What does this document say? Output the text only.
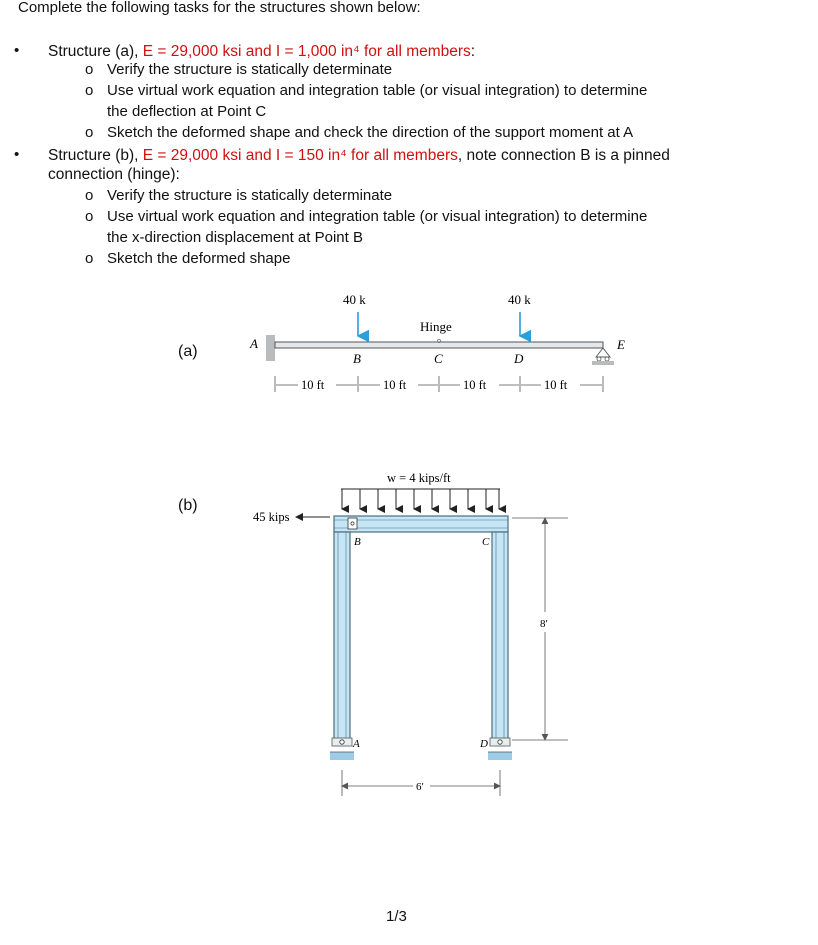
Complete the following tasks for the structures shown below:
• Structure (a), E = 29,000 ksi and I = 1,000 in⁴ for all members:
o Verify the structure is statically determinate
o Use virtual work equation and integration table (or visual integration) to determine
the deflection at Point C
o Sketch the deformed shape and check the direction of the support moment at A
• Structure (b), E = 29,000 ksi and I = 150 in⁴ for all members, note connection B is a pinned
connection (hinge):
o Verify the structure is statically determinate
o Use virtual work equation and integration table (or visual integration) to determine
the x-direction displacement at Point B
o Sketch the deformed shape
(a)
(b)
A
40 k	40 k
Hinge
B	C	D
E
10 ft	10 ft	10 ft	10 ft
w = 4 kips/ft
45 kips
B	C
A	D
8′
6′
1/3
